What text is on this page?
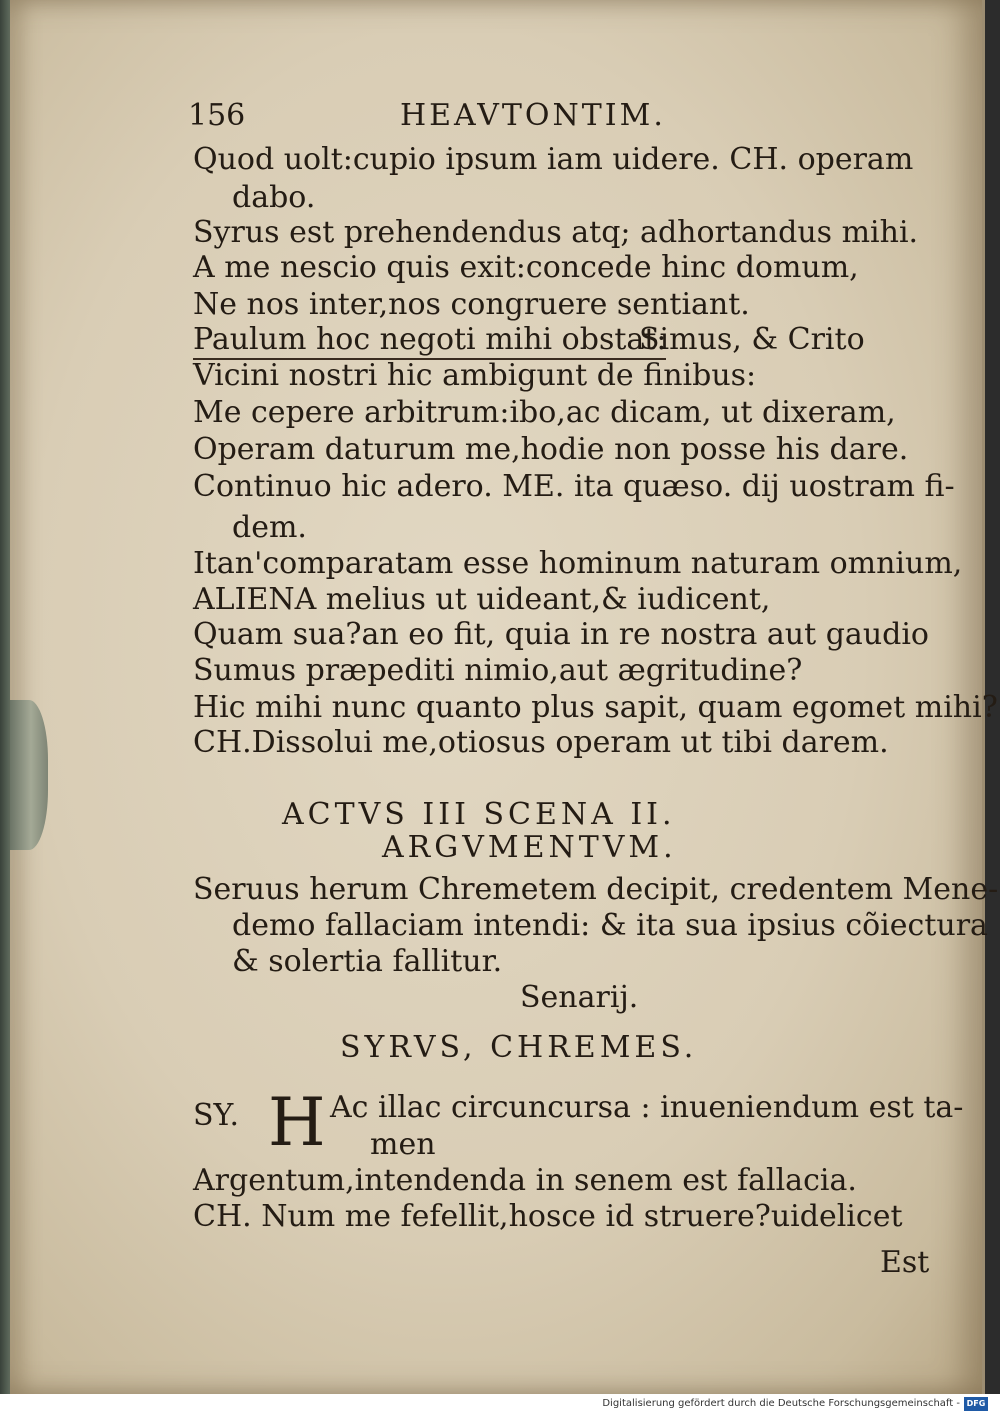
156	HEAVTONTIM.
Quod uolt:cupio ipsum iam uidere. CH. operam
dabo.
Syrus est prehendendus atq; adhortandus mihi.
A me nescio quis exit:concede hinc domum,
Ne nos inter,nos congruere sentiant.
Paulum hoc negoti mihi obstat:
Simus, & Crito
Vicini nostri hic ambigunt de finibus:
Me cepere arbitrum:ibo,ac dicam, ut dixeram,
Operam daturum me,hodie non posse his dare.
Continuo hic adero. ME. ita quæso. dij uostram fi-
dem.
Itan'comparatam esse hominum naturam omnium,
ALIENA melius ut uideant,& iudicent,
Quam sua?an eo fit, quia in re nostra aut gaudio
Sumus præpediti nimio,aut ægritudine?
Hic mihi nunc quanto plus sapit, quam egomet mihi?
CH.Dissolui me,otiosus operam ut tibi darem.
ACTVS III SCENA II.
ARGVMENTVM.
Seruus herum Chremetem decipit, credentem Mene-
demo fallaciam intendi: & ita sua ipsius cõiectura
& solertia fallitur.
Senarij.
SYRVS, CHREMES.
SY.	Ac illac circuncursa : inueniendum est ta-
men
Argentum,intendenda in senem est fallacia.
CH. Num me fefellit,hosce id struere?uidelicet
Est
H
Digitalisierung gefördert durch die Deutsche Forschungsgemeinschaft - DFG
